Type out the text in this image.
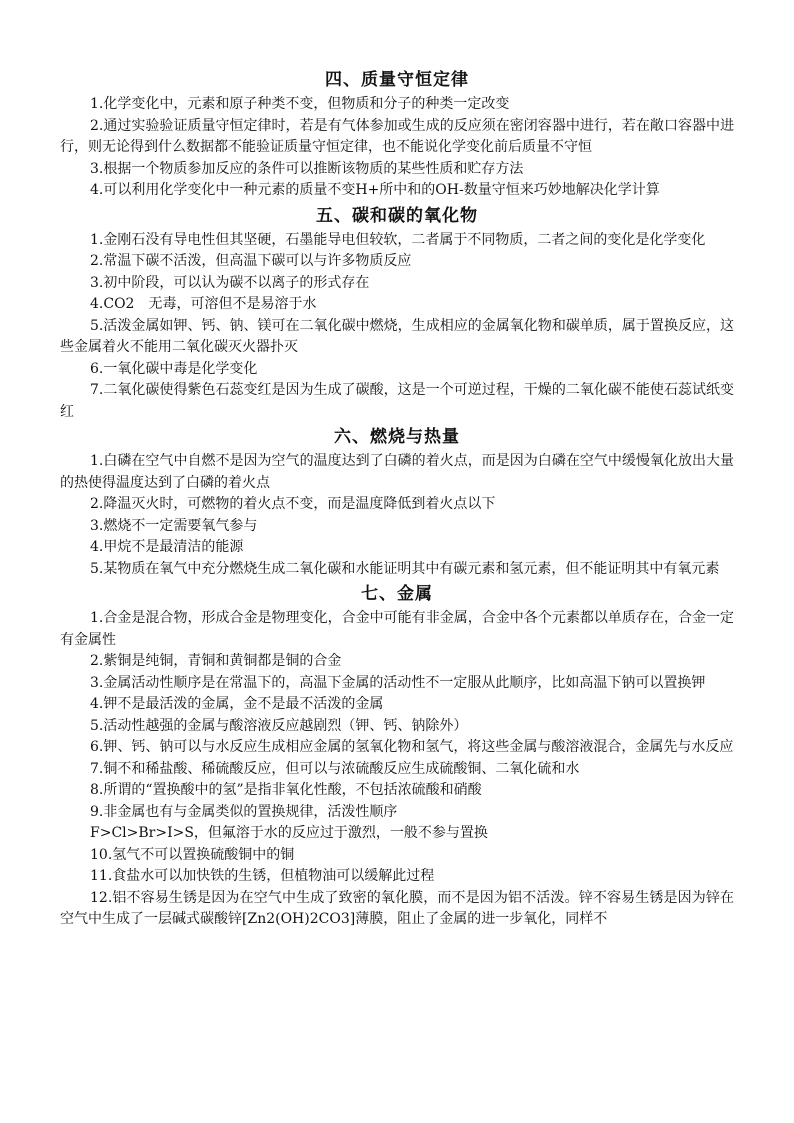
四、质量守恒定律

1.化学变化中，元素和原子种类不变，但物质和分子的种类一定改变

2.通过实验验证质量守恒定律时，若是有气体参加或生成的反应须在密闭容器中进行，若在敞口容器中进行，则无论得到什么数据都不能验证质量守恒定律，也不能说化学变化前后质量不守恒

3.根据一个物质参加反应的条件可以推断该物质的某些性质和贮存方法

4.可以利用化学变化中一种元素的质量不变H+所中和的OH-数量守恒来巧妙地解决化学计算

五、碳和碳的氧化物

1.金刚石没有导电性但其坚硬，石墨能导电但较软，二者属于不同物质，二者之间的变化是化学变化

2.常温下碳不活泼，但高温下碳可以与许多物质反应

3.初中阶段，可以认为碳不以离子的形式存在

4.CO2　无毒，可溶但不是易溶于水

5.活泼金属如钾、钙、钠、镁可在二氧化碳中燃烧，生成相应的金属氧化物和碳单质，属于置换反应，这些金属着火不能用二氧化碳灭火器扑灭

6.一氧化碳中毒是化学变化

7.二氧化碳使得紫色石蕊变红是因为生成了碳酸，这是一个可逆过程，干燥的二氧化碳不能使石蕊试纸变红

六、燃烧与热量

1.白磷在空气中自燃不是因为空气的温度达到了白磷的着火点，而是因为白磷在空气中缓慢氧化放出大量的热使得温度达到了白磷的着火点

2.降温灭火时，可燃物的着火点不变，而是温度降低到着火点以下

3.燃烧不一定需要氧气参与

4.甲烷不是最清洁的能源

5.某物质在氧气中充分燃烧生成二氧化碳和水能证明其中有碳元素和氢元素，但不能证明其中有氧元素

七、金属

1.合金是混合物，形成合金是物理变化，合金中可能有非金属，合金中各个元素都以单质存在，合金一定有金属性

2.紫铜是纯铜，青铜和黄铜都是铜的合金

3.金属活动性顺序是在常温下的，高温下金属的活动性不一定服从此顺序，比如高温下钠可以置换钾

4.钾不是最活泼的金属，金不是最不活泼的金属

5.活动性越强的金属与酸溶液反应越剧烈（钾、钙、钠除外）

6.钾、钙、钠可以与水反应生成相应金属的氢氧化物和氢气，将这些金属与酸溶液混合，金属先与水反应

7.铜不和稀盐酸、稀硫酸反应，但可以与浓硫酸反应生成硫酸铜、二氧化硫和水

8.所谓的“置换酸中的氢”是指非氧化性酸，不包括浓硫酸和硝酸

9.非金属也有与金属类似的置换规律，活泼性顺序

F>Cl>Br>I>S，但氟溶于水的反应过于激烈，一般不参与置换

10.氢气不可以置换硫酸铜中的铜

11.食盐水可以加快铁的生锈，但植物油可以缓解此过程

12.铝不容易生锈是因为在空气中生成了致密的氧化膜，而不是因为铝不活泼。锌不容易生锈是因为锌在空气中生成了一层碱式碳酸锌[Zn2(OH)2CO3]薄膜，阻止了金属的进一步氧化，同样不
